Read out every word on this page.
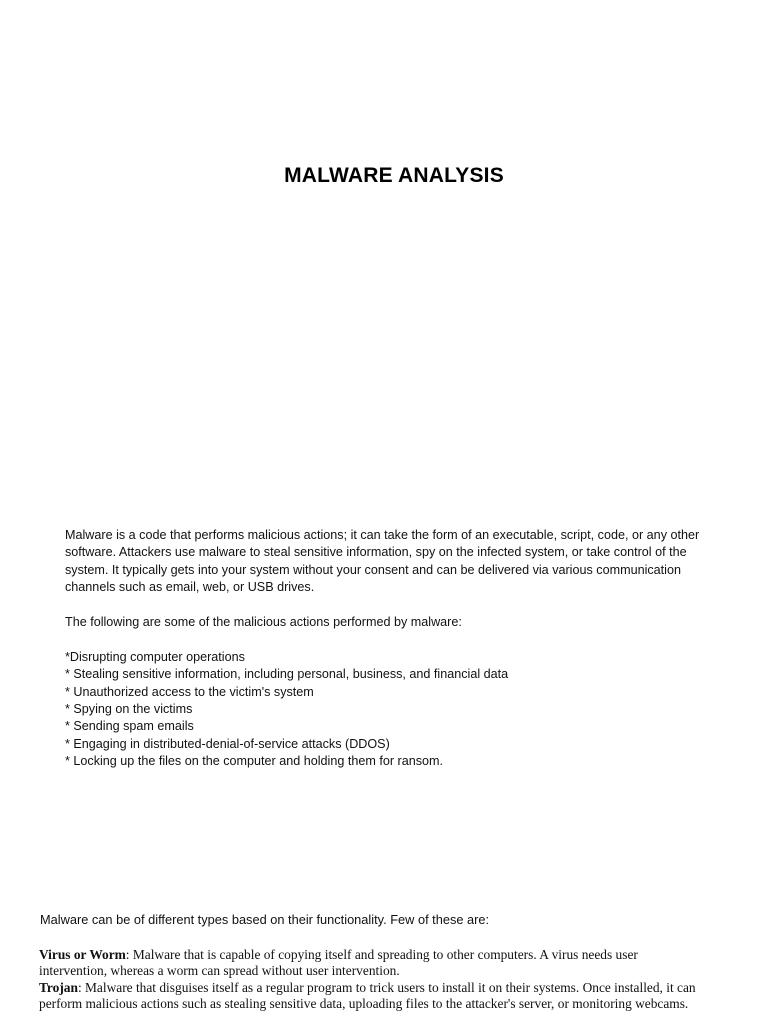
MALWARE ANALYSIS

Malware is a code that performs malicious actions; it can take the form of an executable, script, code, or any other software. Attackers use malware to steal sensitive information, spy on the infected system, or take control of the system. It typically gets into your system without your consent and can be delivered via various communication channels such as email, web, or USB drives.

The following are some of the malicious actions performed by malware:

*Disrupting computer operations
* Stealing sensitive information, including personal, business, and financial data
* Unauthorized access to the victim's system
* Spying on the victims
* Sending spam emails
* Engaging in distributed-denial-of-service attacks (DDOS)
* Locking up the files on the computer and holding them for ransom.

Malware can be of different types based on their functionality. Few of these are:

Virus or Worm: Malware that is capable of copying itself and spreading to other computers. A virus needs user intervention, whereas a worm can spread without user intervention.

Trojan: Malware that disguises itself as a regular program to trick users to install it on their systems. Once installed, it can perform malicious actions such as stealing sensitive data, uploading files to the attacker's server, or monitoring webcams.
